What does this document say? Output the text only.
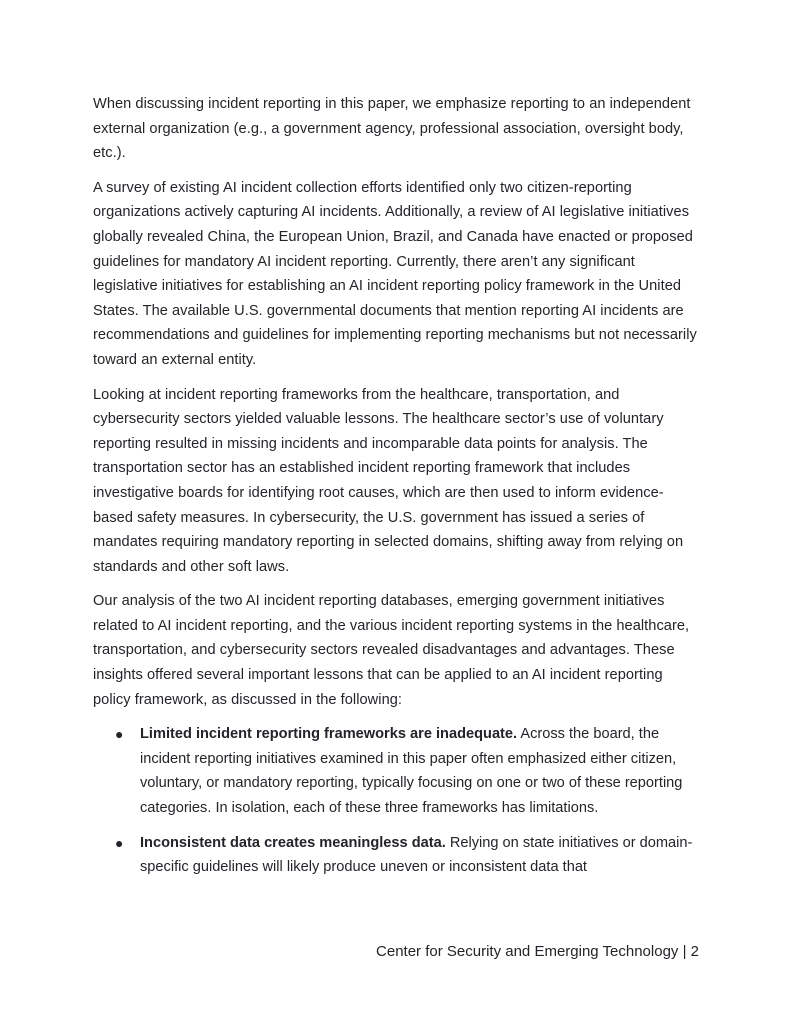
When discussing incident reporting in this paper, we emphasize reporting to an independent external organization (e.g., a government agency, professional association, oversight body, etc.).

A survey of existing AI incident collection efforts identified only two citizen-reporting organizations actively capturing AI incidents. Additionally, a review of AI legislative initiatives globally revealed China, the European Union, Brazil, and Canada have enacted or proposed guidelines for mandatory AI incident reporting. Currently, there aren’t any significant legislative initiatives for establishing an AI incident reporting policy framework in the United States. The available U.S. governmental documents that mention reporting AI incidents are recommendations and guidelines for implementing reporting mechanisms but not necessarily toward an external entity.

Looking at incident reporting frameworks from the healthcare, transportation, and cybersecurity sectors yielded valuable lessons. The healthcare sector’s use of voluntary reporting resulted in missing incidents and incomparable data points for analysis. The transportation sector has an established incident reporting framework that includes investigative boards for identifying root causes, which are then used to inform evidence-based safety measures. In cybersecurity, the U.S. government has issued a series of mandates requiring mandatory reporting in selected domains, shifting away from relying on standards and other soft laws.

Our analysis of the two AI incident reporting databases, emerging government initiatives related to AI incident reporting, and the various incident reporting systems in the healthcare, transportation, and cybersecurity sectors revealed disadvantages and advantages. These insights offered several important lessons that can be applied to an AI incident reporting policy framework, as discussed in the following:

● Limited incident reporting frameworks are inadequate. Across the board, the incident reporting initiatives examined in this paper often emphasized either citizen, voluntary, or mandatory reporting, typically focusing on one or two of these reporting categories. In isolation, each of these three frameworks has limitations.
● Inconsistent data creates meaningless data. Relying on state initiatives or domain-specific guidelines will likely produce uneven or inconsistent data that
Center for Security and Emerging Technology | 2
